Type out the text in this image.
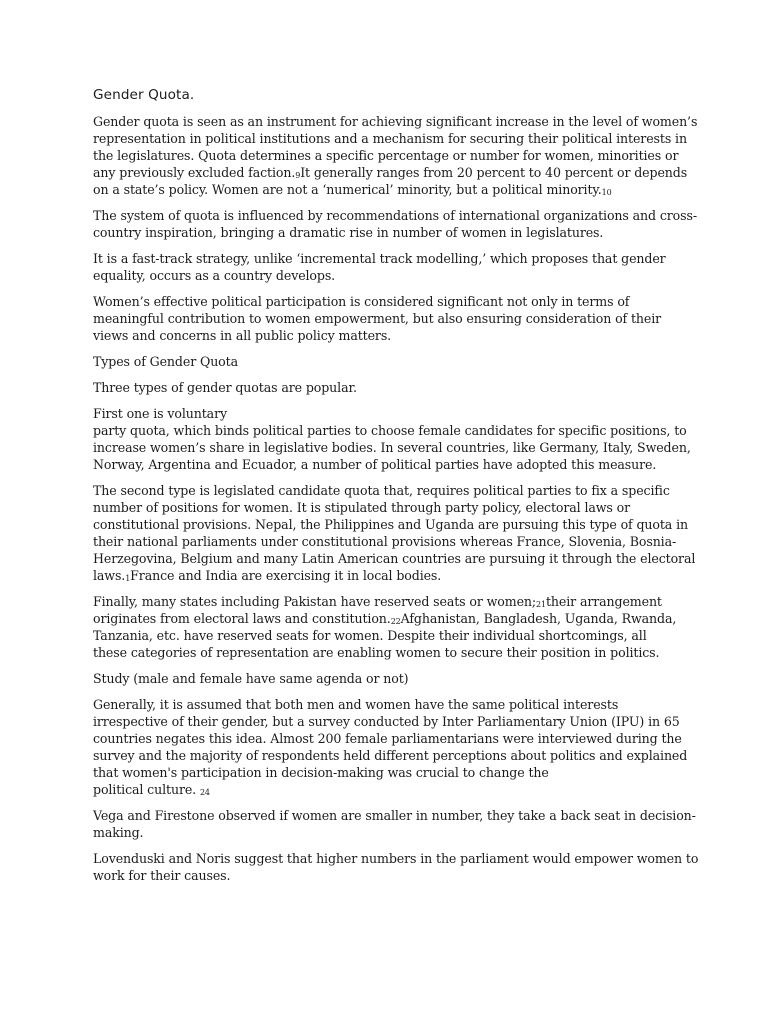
Gender Quota.

Gender quota is seen as an instrument for achieving significant increase in the level of women’s
representation in political institutions and a mechanism for securing their political interests in
the legislatures. Quota determines a specific percentage or number for women, minorities or
any previously excluded $faction._9It$ generally ranges from 20 percent to 40 percent or depends
on a state’s policy. Women are not a ‘numerical’ minority, but a political $minority._{10}$

The system of quota is influenced by recommendations of international organizations and cross-
country inspiration, bringing a dramatic rise in number of women in legislatures.

It is a fast-track strategy, unlike ‘incremental track modelling,’ which proposes that gender
equality, occurs as a country develops.

Women’s effective political participation is considered significant not only in terms of
meaningful contribution to women empowerment, but also ensuring consideration of their
views and concerns in all public policy matters.

Types of Gender Quota

Three types of gender quotas are popular.

First one is voluntary
party quota, which binds political parties to choose female candidates for specific positions, to
increase women’s share in legislative bodies. In several countries, like Germany, Italy, Sweden,
Norway, Argentina and Ecuador, a number of political parties have adopted this measure.

The second type is legislated candidate quota that, requires political parties to fix a specific
number of positions for women. It is stipulated through party policy, electoral laws or
constitutional provisions. Nepal, the Philippines and Uganda are pursuing this type of quota in
their national parliaments under constitutional provisions whereas France, Slovenia, Bosnia-
Herzegovina, Belgium and many Latin American countries are pursuing it through the electoral
$laws._1France$ and India are exercising it in local bodies.

Finally, many states including Pakistan have reserved seats or $women;_{21}their$ arrangement
originates from electoral laws and $constitution._{22}Afghanistan$, Bangladesh, Uganda, Rwanda,
Tanzania, etc. have reserved seats for women. Despite their individual shortcomings, all
these categories of representation are enabling women to secure their position in politics.

Study (male and female have same agenda or not)

Generally, it is assumed that both men and women have the same political interests
irrespective of their gender, but a survey conducted by Inter Parliamentary Union (IPU) in 65
countries negates this idea. Almost 200 female parliamentarians were interviewed during the
survey and the majority of respondents held different perceptions about politics and explained
that women's participation in decision-making was crucial to change the
political culture. $_{24}$

Vega and Firestone observed if women are smaller in number, they take a back seat in decision-
making.

Lovenduski and Noris suggest that higher numbers in the parliament would empower women to
work for their causes.
